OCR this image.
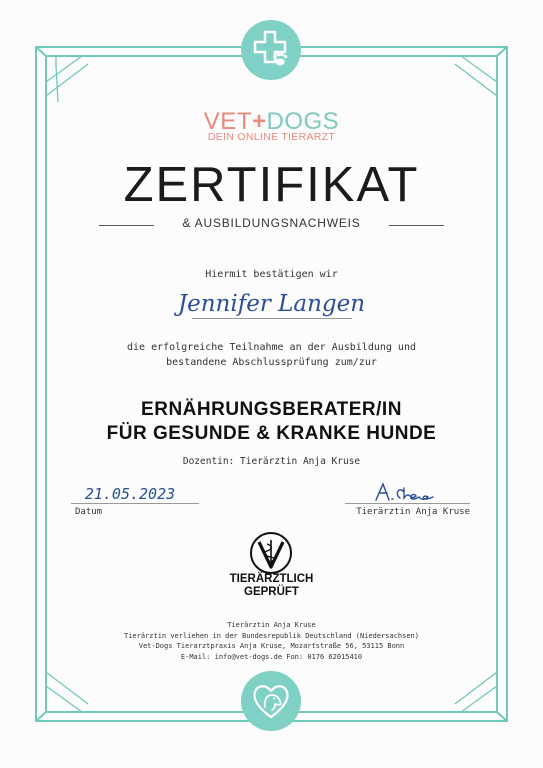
VET+DOGS
DEIN ONLINE TIERARZT
ZERTIFIKAT
& AUSBILDUNGSNACHWEIS
Hiermit bestätigen wir
Jennifer Langen
die erfolgreiche Teilnahme an der Ausbildung und
bestandene Abschlussprüfung zum/zur
ERNÄHRUNGSBERATER/IN
FÜR GESUNDE & KRANKE HUNDE
Dozentin: Tierärztin Anja Kruse
21.05.2023
Datum	Tierärztin Anja Kruse
TIERÄRZTLICH
GEPRÜFT
Tierärztin Anja Kruse
Tierärztin verliehen in der Bundesrepublik Deutschland (Niedersachsen)
Vet-Dogs Tierarztpraxis Anja Kruse, Mozartstraße 56, 53115 Bonn
E-Mail: info@vet-dogs.de Fon: 0176 62015410
